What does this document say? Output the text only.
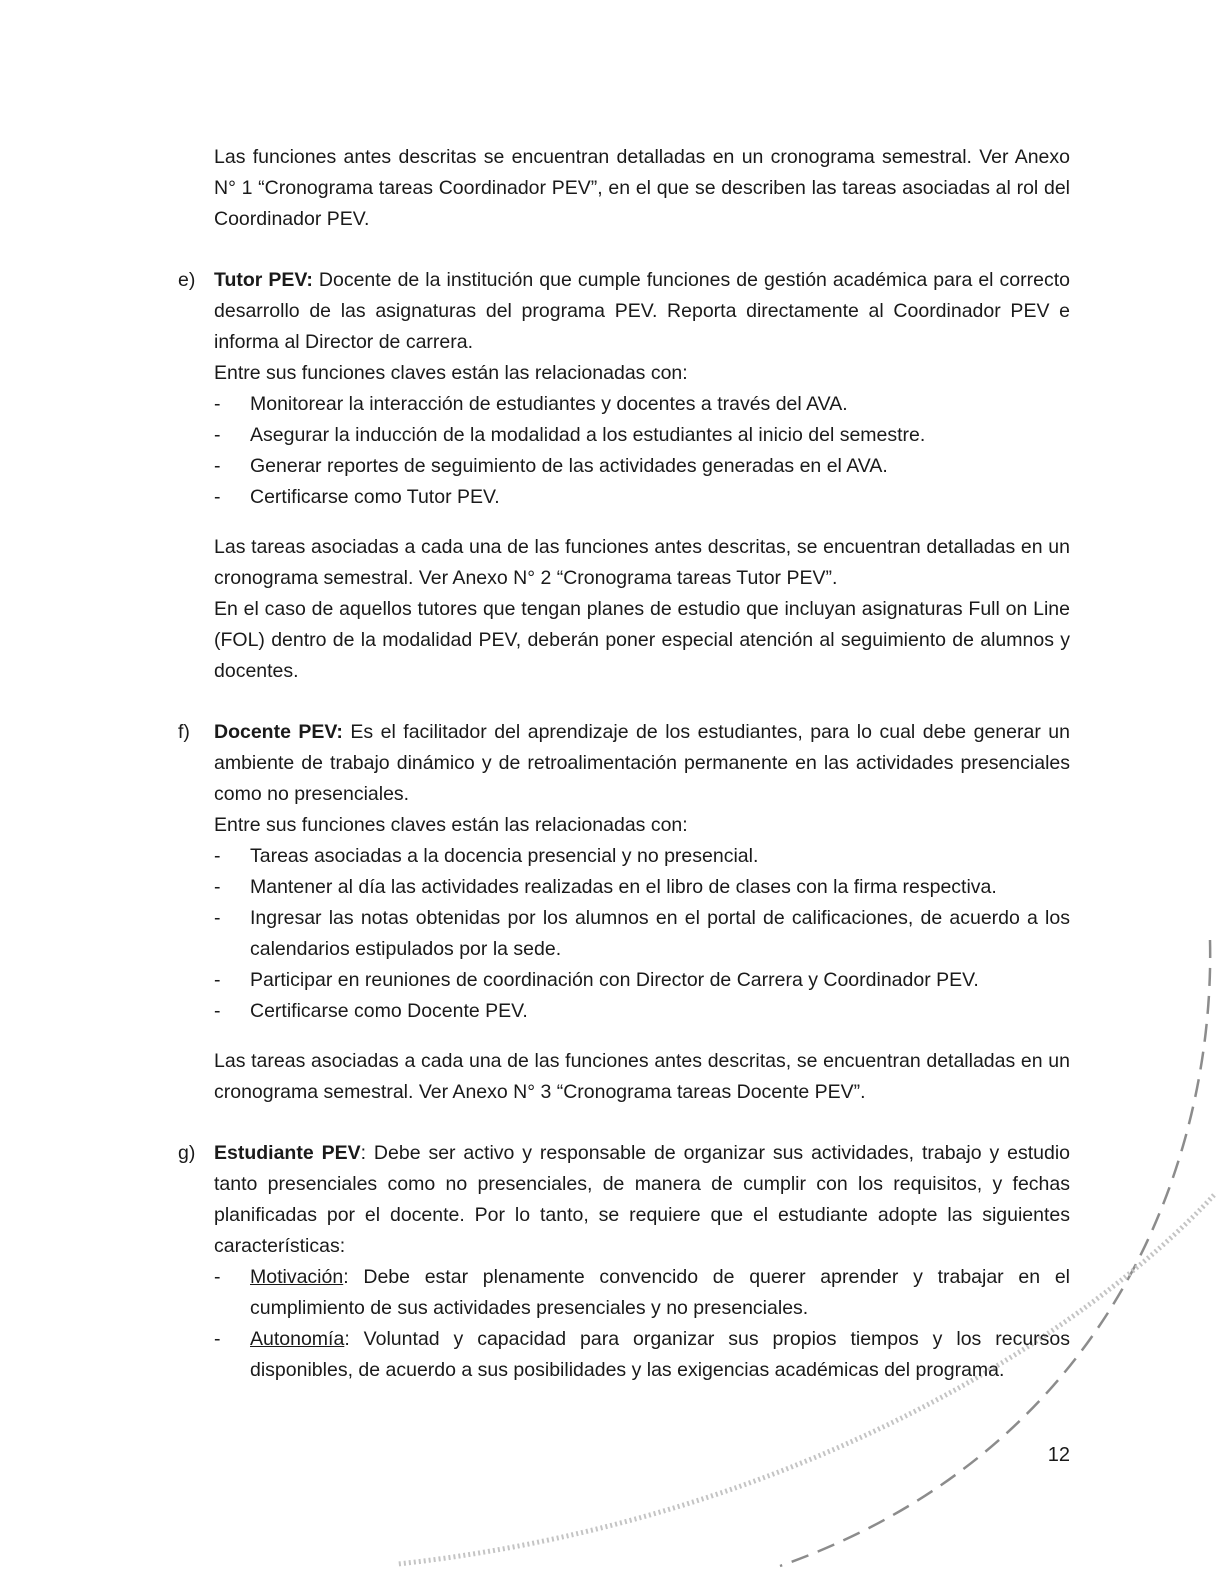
Las funciones antes descritas se encuentran detalladas en un cronograma semestral. Ver Anexo N° 1 “Cronograma tareas Coordinador PEV”, en el que se describen las tareas asociadas al rol del Coordinador PEV.

e) Tutor PEV: Docente de la institución que cumple funciones de gestión académica para el correcto desarrollo de las asignaturas del programa PEV. Reporta directamente al Coordinador PEV e informa al Director de carrera.

Entre sus funciones claves están las relacionadas con:

- Monitorear la interacción de estudiantes y docentes a través del AVA.
- Asegurar la inducción de la modalidad a los estudiantes al inicio del semestre.
- Generar reportes de seguimiento de las actividades generadas en el AVA.
- Certificarse como Tutor PEV.

Las tareas asociadas a cada una de las funciones antes descritas, se encuentran detalladas en un cronograma semestral. Ver Anexo N° 2 “Cronograma tareas Tutor PEV”.

En el caso de aquellos tutores que tengan planes de estudio que incluyan asignaturas Full on Line (FOL) dentro de la modalidad PEV, deberán poner especial atención al seguimiento de alumnos y docentes.

f) Docente PEV: Es el facilitador del aprendizaje de los estudiantes, para lo cual debe generar un ambiente de trabajo dinámico y de retroalimentación permanente en las actividades presenciales como no presenciales.

Entre sus funciones claves están las relacionadas con:

- Tareas asociadas a la docencia presencial y no presencial.
- Mantener al día las actividades realizadas en el libro de clases con la firma respectiva.
- Ingresar las notas obtenidas por los alumnos en el portal de calificaciones, de acuerdo a los calendarios estipulados por la sede.
- Participar en reuniones de coordinación con Director de Carrera y Coordinador PEV.
- Certificarse como Docente PEV.

Las tareas asociadas a cada una de las funciones antes descritas, se encuentran detalladas en un cronograma semestral. Ver Anexo N° 3 “Cronograma tareas Docente PEV”.

g) Estudiante PEV: Debe ser activo y responsable de organizar sus actividades, trabajo y estudio tanto presenciales como no presenciales, de manera de cumplir con los requisitos, y fechas planificadas por el docente. Por lo tanto, se requiere que el estudiante adopte las siguientes características:

- Motivación: Debe estar plenamente convencido de querer aprender y trabajar en el cumplimiento de sus actividades presenciales y no presenciales.
- Autonomía: Voluntad y capacidad para organizar sus propios tiempos y los recursos disponibles, de acuerdo a sus posibilidades y las exigencias académicas del programa.
12
